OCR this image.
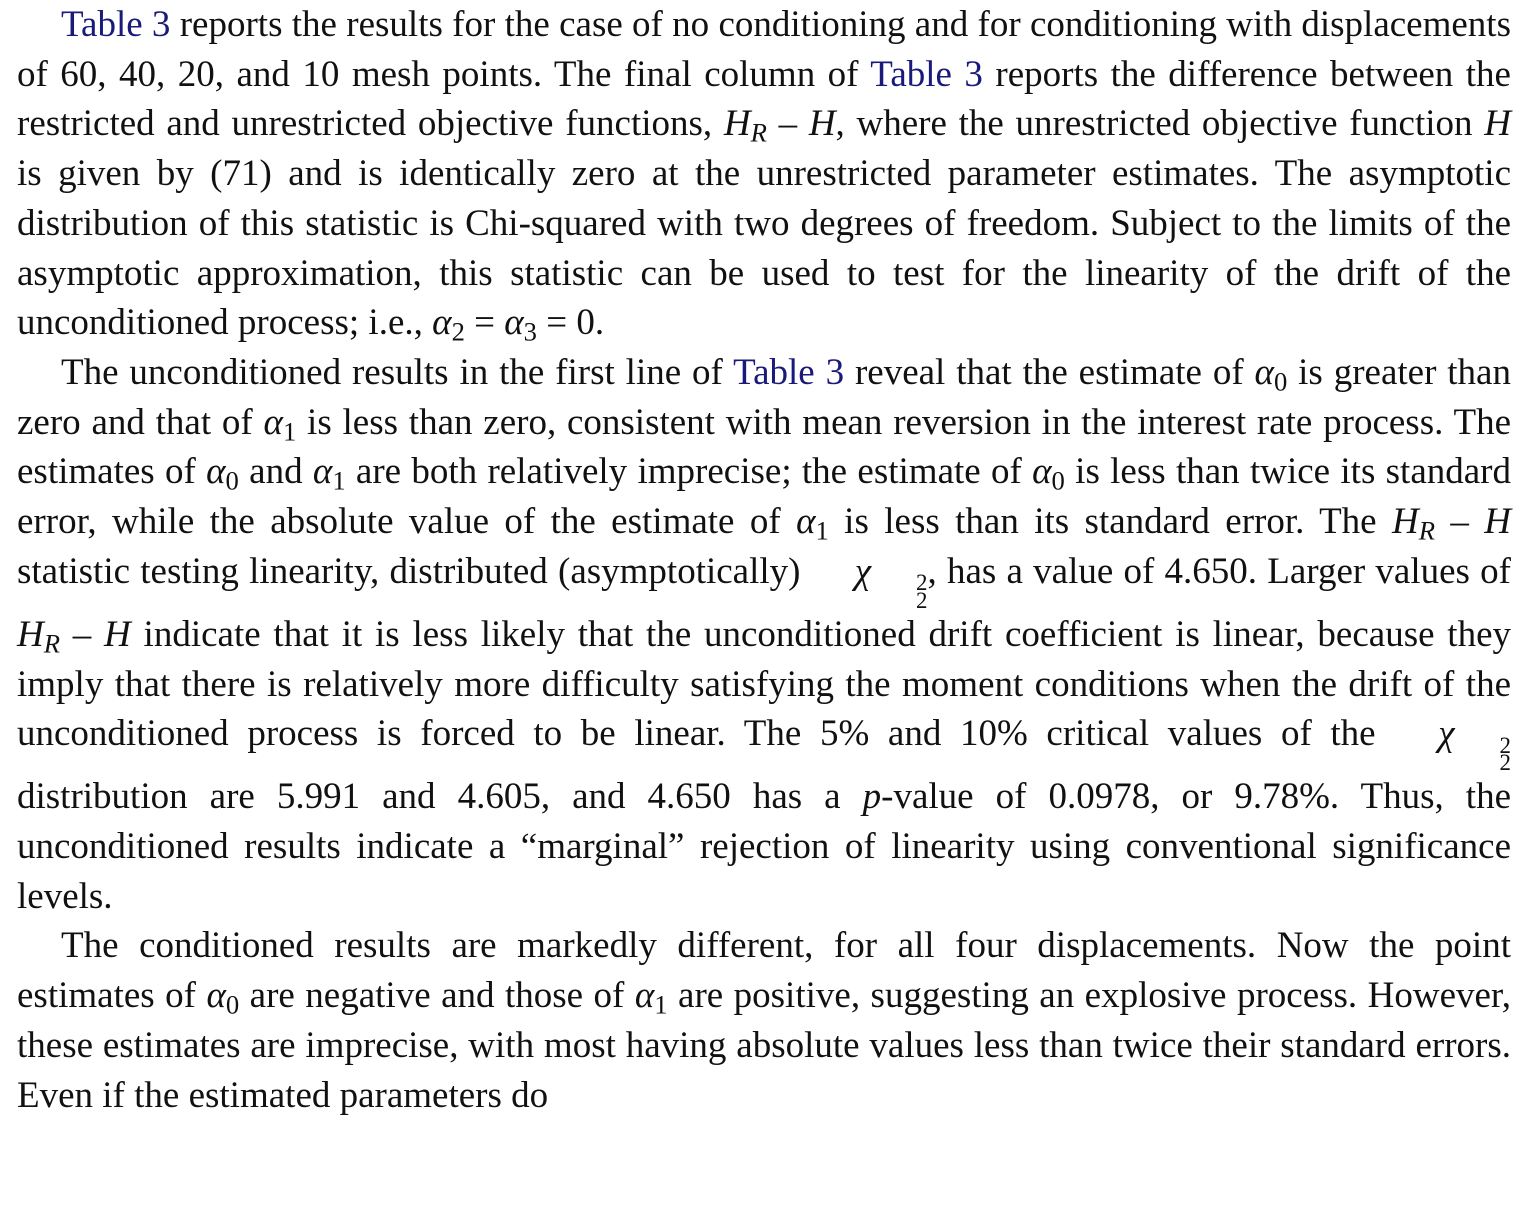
Table 3 reports the results for the case of no conditioning and for conditioning with displacements of 60, 40, 20, and 10 mesh points. The final column of Table 3 reports the difference between the restricted and unrestricted objective functions, HR – H, where the unrestricted objective function H is given by (71) and is identically zero at the unrestricted parameter estimates. The asymptotic distribution of this statistic is Chi-squared with two degrees of freedom. Subject to the limits of the asymptotic approximation, this statistic can be used to test for the linearity of the drift of the unconditioned process; i.e., $\alpha_2 = \alpha_3 = 0$.

The unconditioned results in the first line of Table 3 reveal that the estimate of $\alpha_0$ is greater than zero and that of $\alpha_1$ is less than zero, consistent with mean reversion in the interest rate process. The estimates of $\alpha_0$ and $\alpha_1$ are both relatively imprecise; the estimate of $\alpha_0$ is less than twice its standard error, while the absolute value of the estimate of $\alpha_1$ is less than its standard error. The HR – H statistic testing linearity, distributed (asymptotically) χ	2
2
, has a value of 4.650. Larger values of HR – H indicate that it is less likely that the unconditioned drift coefficient is linear, because they imply that there is relatively more difficulty satisfying the moment conditions when the drift of the unconditioned process is forced to be linear. The 5% and 10% critical values of the χ	2
2
distribution are 5.991 and 4.605, and 4.650 has a p-value of 0.0978, or 9.78%. Thus, the unconditioned results indicate a “marginal” rejection of linearity using conventional significance levels.

The conditioned results are markedly different, for all four displacements. Now the point estimates of $\alpha_0$ are negative and those of $\alpha_1$ are positive, suggesting an explosive process. However, these estimates are imprecise, with most having absolute values less than twice their standard errors. Even if the estimated parameters do
